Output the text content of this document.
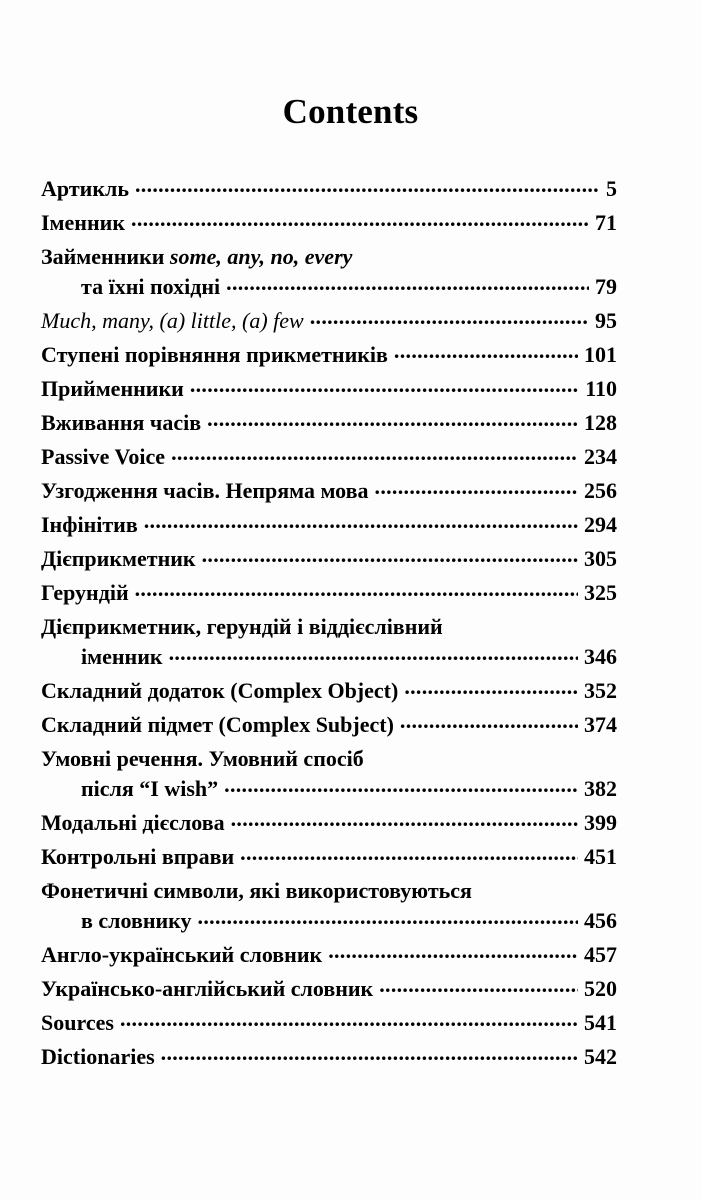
Contents
Артикль . . .	5
Іменник . . .	71
Займенники some, any, no, every
та їхні похідні . . .	79
Much, many, (a) little, (a) few . . .	95
Ступені порівняння прикметників . . .	101
Прийменники . . .	110
Вживання часів . . .	128
Passive Voice . . .	234
Узгодження часів. Непряма мова . . .	256
Інфінітив . . .	294
Дієприкметник . . .	305
Герундій . . .	325
Дієприкметник, герундій і віддієслівний
іменник . . .	346
Складний додаток (Complex Object) . . .	352
Складний підмет (Complex Subject) . . .	374
Умовні речення. Умовний спосіб
після “I wish” . . .	382
Модальні дієслова . . .	399
Контрольні вправи . . .	451
Фонетичні символи, які використовуються
в словнику . . .	456
Англо-український словник . . .	457
Українсько-англійський словник . . .	520
Sources . . .	541
Dictionaries . . .	542
